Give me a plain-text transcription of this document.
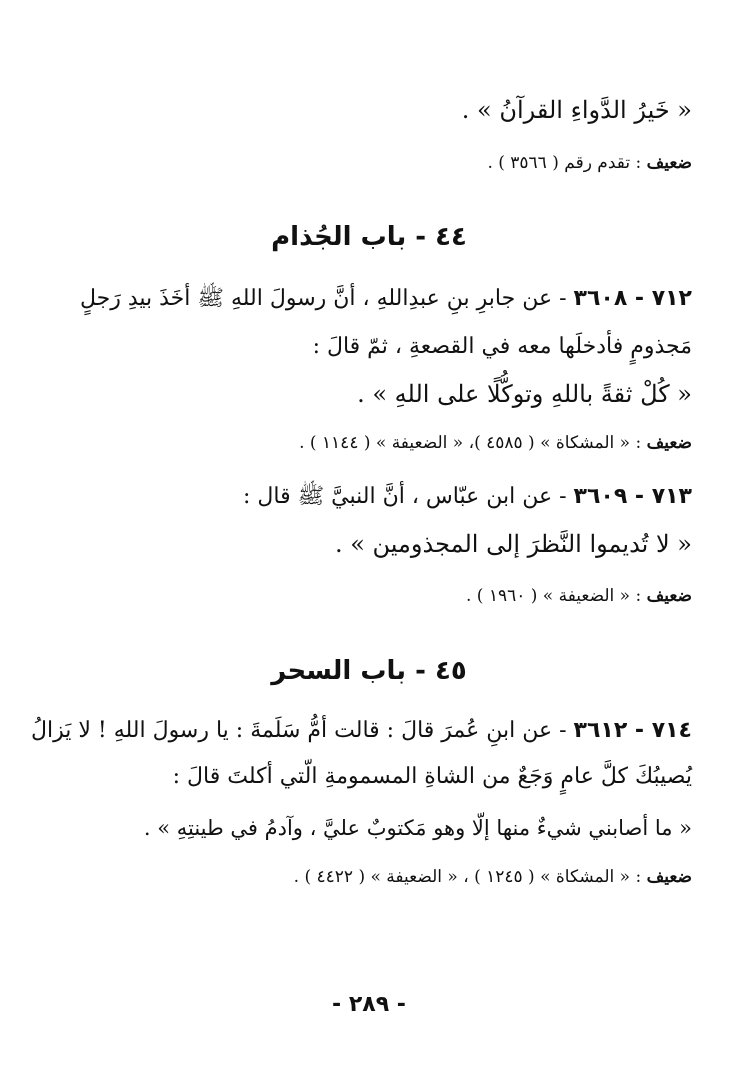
« خَيرُ الدَّواءِ القرآنُ » .
ضعيف : تقدم رقم ( ٣٥٦٦ ) .
٤٤ - باب الجُذام
٧١٢ - ٣٦٠٨ - عن جابرِ بنِ عبدِاللهِ ، أنَّ رسولَ اللهِ ﷺ أخَذَ بيدِ رَجلٍ
مَجذومٍ فأدخلَها معه في القصعةِ ، ثمّ قالَ :
« كُلْ ثقةً باللهِ وتوكُّلًا على اللهِ » .
ضعيف : « المشكاة » ( ٤٥٨٥ )، « الضعيفة » ( ١١٤٤ ) .
٧١٣ - ٣٦٠٩ - عن ابن عبّاس ، أنَّ النبيَّ ﷺ قال :
« لا تُديموا النَّظرَ إلى المجذومين » .
ضعيف : « الضعيفة » ( ١٩٦٠ ) .
٤٥ - باب السحر
٧١٤ - ٣٦١٢ - عن ابنِ عُمرَ قالَ : قالت أمُّ سَلَمةَ : يا رسولَ اللهِ ! لا يَزالُ
يُصيبُكَ كلَّ عامٍ وَجَعٌ من الشاةِ المسمومةِ الّتي أكلتَ قالَ :
« ما أصابني شيءٌ منها إلّا وهو مَكتوبٌ عليَّ ، وآدمُ في طينتِهِ » .
ضعيف : « المشكاة » ( ١٢٤٥ ) ، « الضعيفة » ( ٤٤٢٢ ) .
- ٢٨٩ -
